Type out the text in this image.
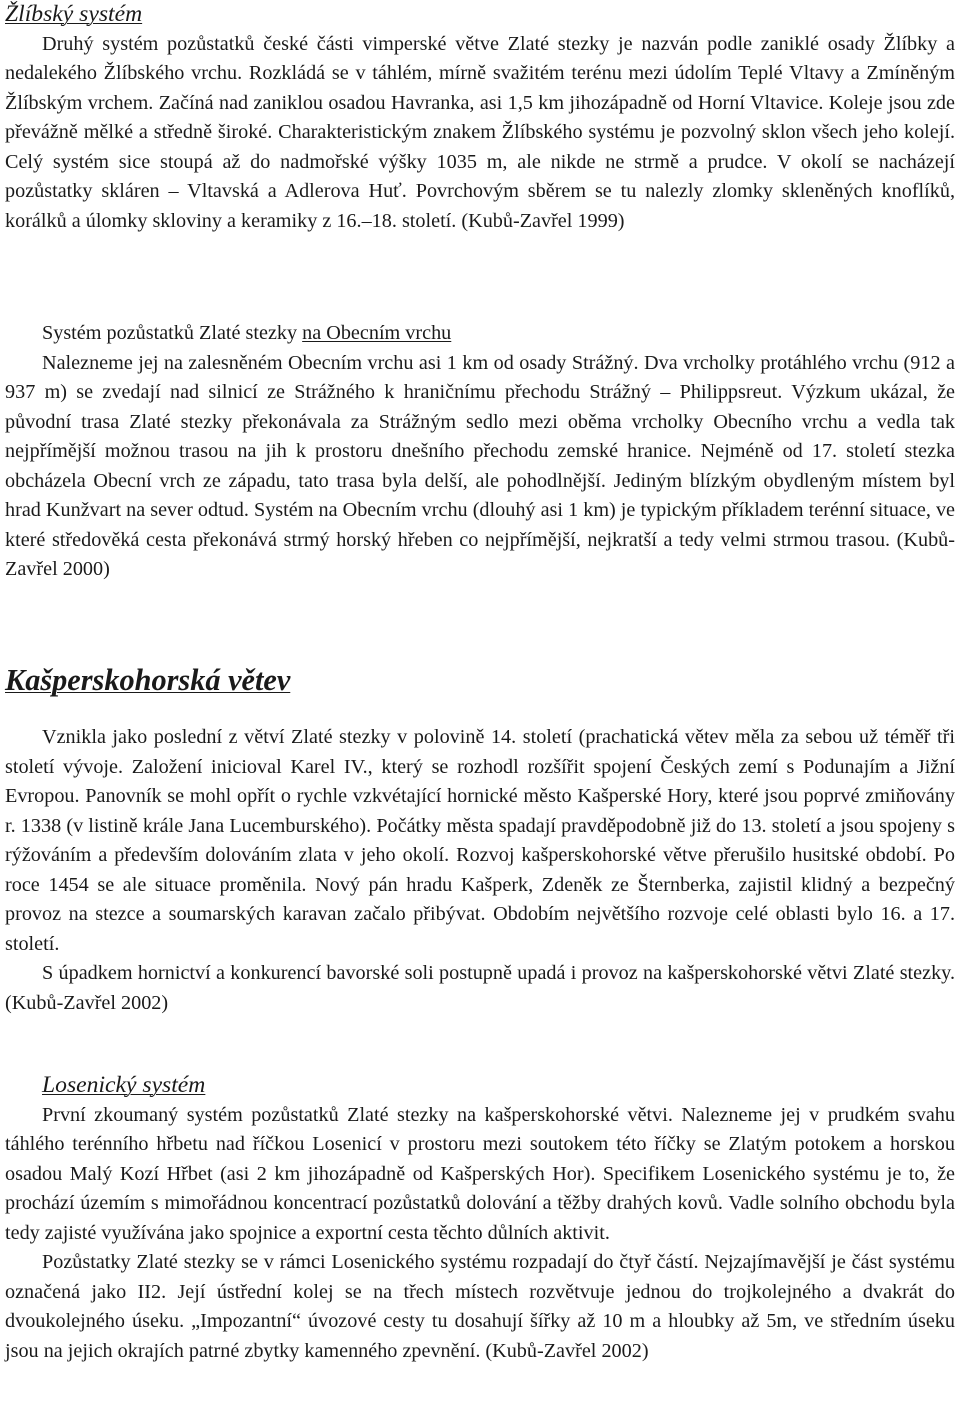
Žlíbský systém

Druhý systém pozůstatků české části vimperské větve Zlaté stezky je nazván podle zaniklé osady Žlíbky a nedalekého Žlíbského vrchu. Rozkládá se v táhlém, mírně svažitém terénu mezi údolím Teplé Vltavy a Zmíněným Žlíbským vrchem. Začíná nad zaniklou osadou Havranka, asi 1,5 km jihozápadně od Horní Vltavice. Koleje jsou zde převážně mělké a středně široké. Charakteristickým znakem Žlíbského systému je pozvolný sklon všech jeho kolejí. Celý systém sice stoupá až do nadmořské výšky 1035 m, ale nikde ne strmě a prudce. V okolí se nacházejí pozůstatky skláren – Vltavská a Adlerova Huť. Povrchovým sběrem se tu nalezly zlomky skleněných knoflíků, korálků a úlomky skloviny a keramiky z 16.–18. století. (Kubů-Zavřel 1999)

Systém pozůstatků Zlaté stezky na Obecním vrchu

Nalezneme jej na zalesněném Obecním vrchu asi 1 km od osady Strážný. Dva vrcholky protáhlého vrchu (912 a 937 m) se zvedají nad silnicí ze Strážného k hraničnímu přechodu Strážný – Philippsreut. Výzkum ukázal, že původní trasa Zlaté stezky překonávala za Strážným sedlo mezi oběma vrcholky Obecního vrchu a vedla tak nejpřímější možnou trasou na jih k prostoru dnešního přechodu zemské hranice. Nejméně od 17. století stezka obcházela Obecní vrch ze západu, tato trasa byla delší, ale pohodlnější. Jediným blízkým obydleným místem byl hrad Kunžvart na sever odtud. Systém na Obecním vrchu (dlouhý asi 1 km) je typickým příkladem terénní situace, ve které středověká cesta překonává strmý horský hřeben co nejpřímější, nejkratší a tedy velmi strmou trasou. (Kubů-Zavřel 2000)

Kašperskohorská větev

Vznikla jako poslední z větví Zlaté stezky v polovině 14. století (prachatická větev měla za sebou už téměř tři století vývoje. Založení inicioval Karel IV., který se rozhodl rozšířit spojení Českých zemí s Podunajím a Jižní Evropou. Panovník se mohl opřít o rychle vzkvétající hornické město Kašperské Hory, které jsou poprvé zmiňovány r. 1338 (v listině krále Jana Lucemburského). Počátky města spadají pravděpodobně již do 13. století a jsou spojeny s rýžováním a především dolováním zlata v jeho okolí. Rozvoj kašperskohorské větve přerušilo husitské období. Po roce 1454 se ale situace proměnila. Nový pán hradu Kašperk, Zdeněk ze Šternberka, zajistil klidný a bezpečný provoz na stezce a soumarských karavan začalo přibývat. Obdobím největšího rozvoje celé oblasti bylo 16. a 17. století.

S úpadkem hornictví a konkurencí bavorské soli postupně upadá i provoz na kašperskohorské větvi Zlaté stezky. (Kubů-Zavřel 2002)

Losenický systém

První zkoumaný systém pozůstatků Zlaté stezky na kašperskohorské větvi. Nalezneme jej v prudkém svahu táhlého terénního hřbetu nad říčkou Losenicí v prostoru mezi soutokem této říčky se Zlatým potokem a horskou osadou Malý Kozí Hřbet (asi 2 km jihozápadně od Kašperských Hor). Specifikem Losenického systému je to, že prochází územím s mimořádnou koncentrací pozůstatků dolování a těžby drahých kovů. Vadle solního obchodu byla tedy zajisté využívána jako spojnice a exportní cesta těchto důlních aktivit.

Pozůstatky Zlaté stezky se v rámci Losenického systému rozpadají do čtyř částí. Nejzajímavější je část systému označená jako II2. Její ústřední kolej se na třech místech rozvětvuje jednou do trojkolejného a dvakrát do dvoukolejného úseku. „Impozantní“ úvozové cesty tu dosahují šířky až 10 m a hloubky až 5m, ve středním úseku jsou na jejich okrajích patrné zbytky kamenného zpevnění. (Kubů-Zavřel 2002)
